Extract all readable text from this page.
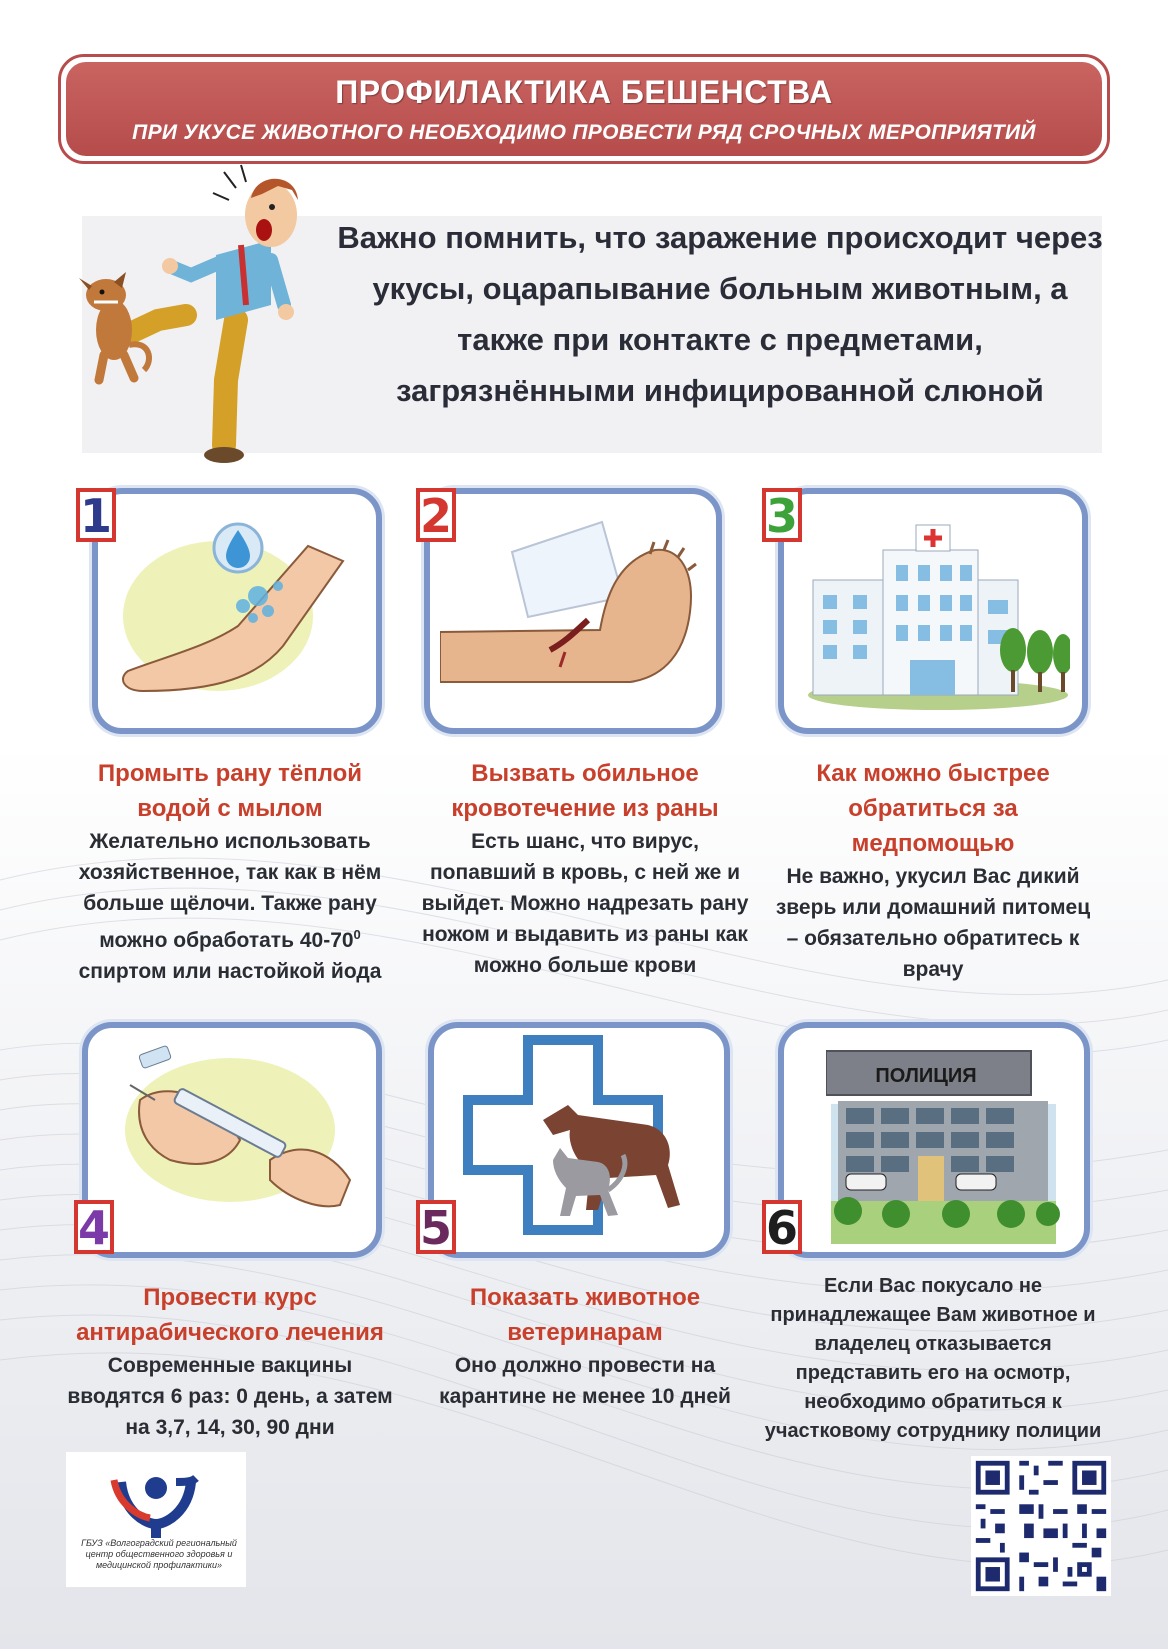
ПРОФИЛАКТИКА БЕШЕНСТВА
ПРИ УКУСЕ ЖИВОТНОГО НЕОБХОДИМО ПРОВЕСТИ РЯД СРОЧНЫХ МЕРОПРИЯТИЙ
Важно помнить, что заражение происходит через
укусы, оцарапывание больным животным, а
также при контакте с предметами,
загрязнёнными инфицированной слюной
1
Промыть рану тёплой
водой с мылом
Желательно использовать
хозяйственное, так как в нём
больше щёлочи. Также рану
можно обработать $40-70^0$
спиртом или настойкой йода
2
Вызвать обильное
кровотечение из раны
Есть шанс, что вирус,
попавший в кровь, с ней же и
выйдет. Можно надрезать рану
ножом и выдавить из раны как
можно больше крови
3
Как можно быстрее
обратиться за
медпомощью
Не важно, укусил Вас дикий
зверь или домашний питомец
– обязательно обратитесь к
врачу
4
Провести курс
антирабического лечения
Современные вакцины
вводятся 6 раз: 0 день, а затем
на 3,7, 14, 30, 90 дни
5
Показать животное
ветеринарам
Оно должно провести на
карантине не менее 10 дней
ПОЛИЦИЯ
6
Если Вас покусало не
принадлежащее Вам животное и
владелец отказывается
представить его на осмотр,
необходимо обратиться к
участковому сотруднику полиции
ГБУЗ «Волгоградский региональный центр общественного здоровья и медицинской профилактики»
